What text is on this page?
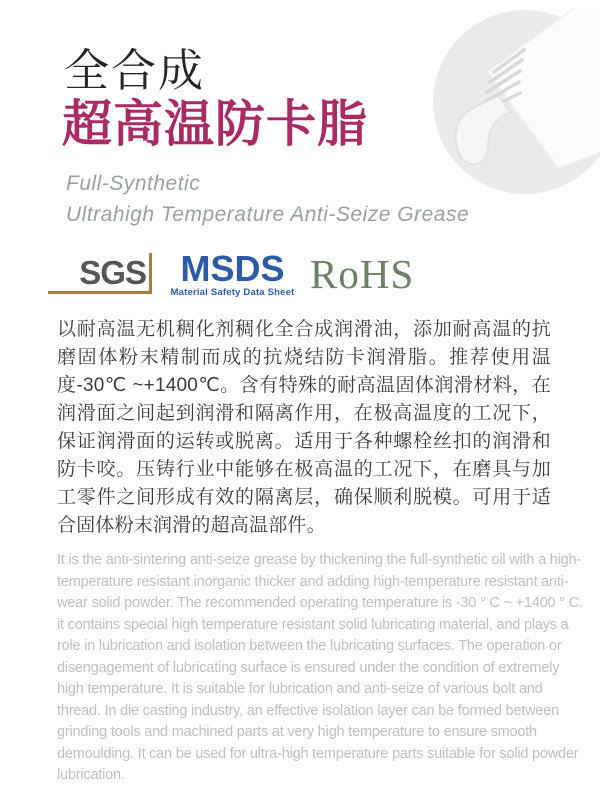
全合成
超高温防卡脂
Full-Synthetic
Ultrahigh Temperature Anti-Seize Grease
SGS MSDS
Material Safety Data Sheet RoHS
以耐高温无机稠化剂稠化全合成润滑油，添加耐高温的抗磨固体粉末精制而成的抗烧结防卡润滑脂。推荐使用温度-30℃ ~+1400℃。含有特殊的耐高温固体润滑材料，在润滑面之间起到润滑和隔离作用，在极高温度的工况下，保证润滑面的运转或脱离。适用于各种螺栓丝扣的润滑和防卡咬。压铸行业中能够在极高温的工况下，在磨具与加工零件之间形成有效的隔离层，确保顺利脱模。可用于适合固体粉末润滑的超高温部件。
It is the anti-sintering anti-seize grease by thickening the full-synthetic oil with a high-temperature resistant inorganic thicker and adding high-temperature resistant anti-wear solid powder. The recommended operating temperature is -30 ° C ~ +1400 ° C. it contains special high temperature resistant solid lubricating material, and plays a role in lubrication and isolation between the lubricating surfaces. The operation or disengagement of lubricating surface is ensured under the condition of extremely high temperature. It is suitable for lubrication and anti-seize of various bolt and thread. In die casting industry, an effective isolation layer can be formed between grinding tools and machined parts at very high temperature to ensure smooth demoulding. It can be used for ultra-high temperature parts suitable for solid powder lubrication.
